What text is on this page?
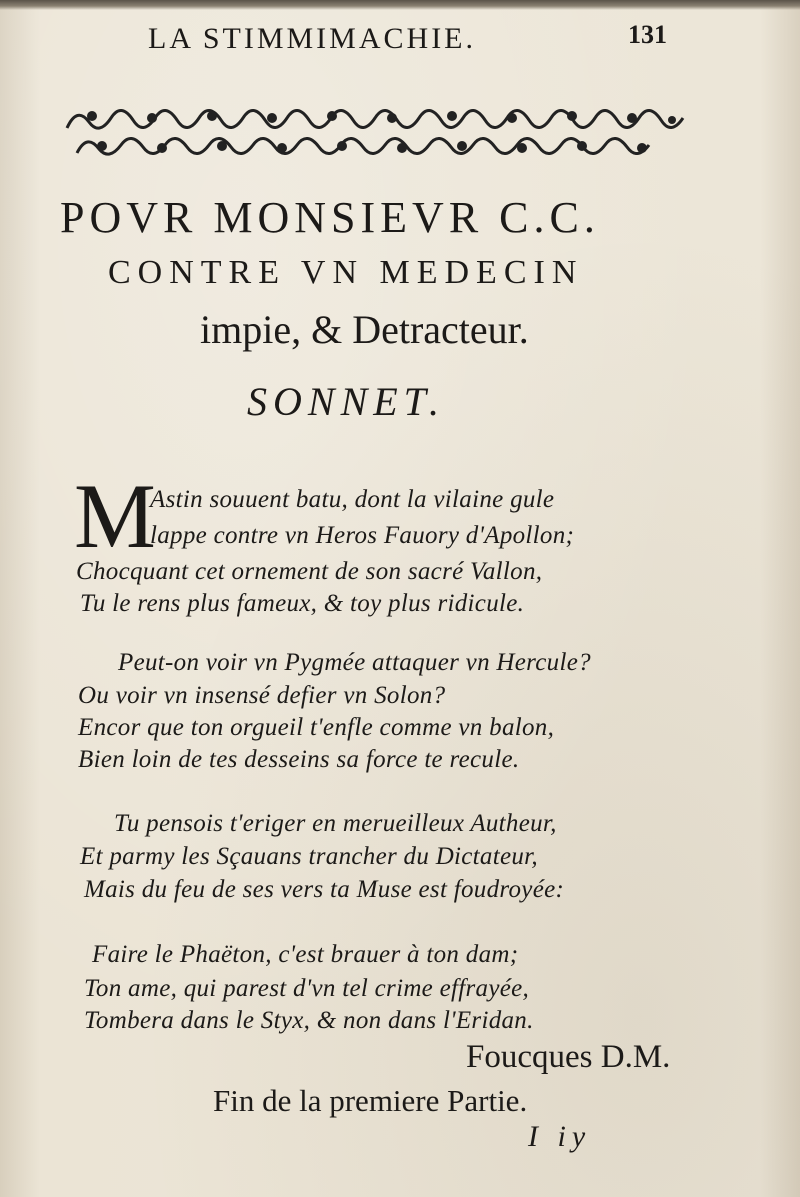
LA STIMMIMACHIE.	131
POVR MONSIEVR C.C.
CONTRE VN MEDECIN
impie, & Detracteur.
SONNET.
M
Astin souuent batu, dont la vilaine gule
lappe contre vn Heros Fauory d'Apollon;
Chocquant cet ornement de son sacré Vallon,
Tu le rens plus fameux, & toy plus ridicule.
Peut-on voir vn Pygmée attaquer vn Hercule?
Ou voir vn insensé defier vn Solon?
Encor que ton orgueil t'enfle comme vn balon,
Bien loin de tes desseins sa force te recule.
Tu pensois t'eriger en merueilleux Autheur,
Et parmy les Sçauans trancher du Dictateur,
Mais du feu de ses vers ta Muse est foudroyée:
Faire le Phaëton, c'est brauer à ton dam;
Ton ame, qui parest d'vn tel crime effrayée,
Tombera dans le Styx, & non dans l'Eridan.
Foucques D.M.
Fin de la premiere Partie.
I iy
